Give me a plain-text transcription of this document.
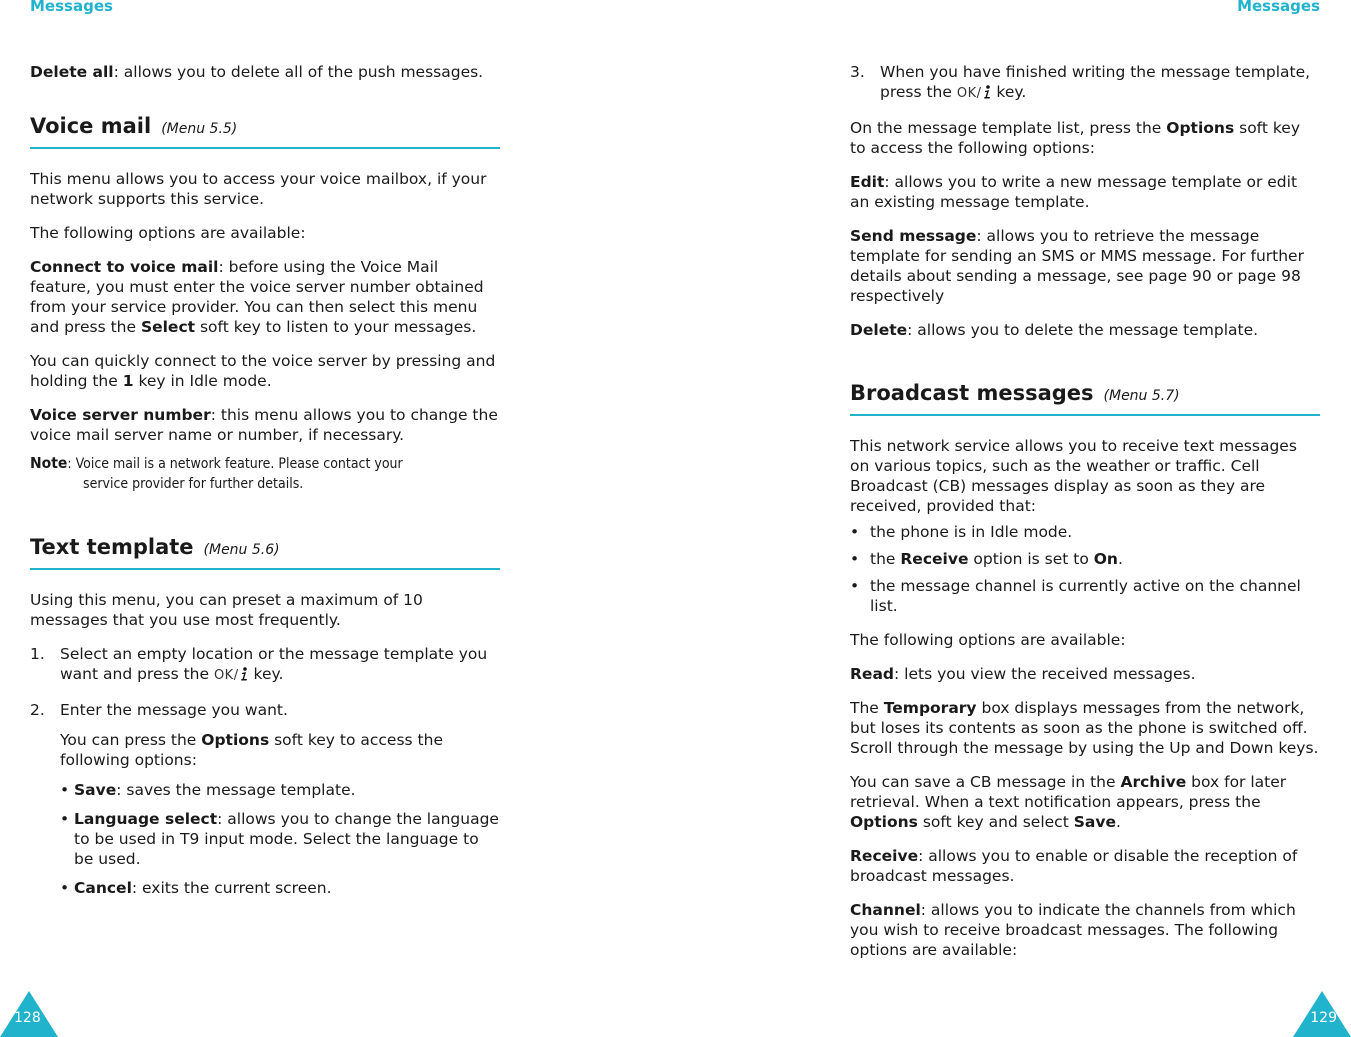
Messages	Messages

Delete all: allows you to delete all of the push messages.

Voice mail (Menu 5.5)

This menu allows you to access your voice mailbox, if your network supports this service.

The following options are available:

Connect to voice mail: before using the Voice Mail feature, you must enter the voice server number obtained from your service provider. You can then select this menu and press the Select soft key to listen to your messages.

You can quickly connect to the voice server by pressing and holding the 1 key in Idle mode.

Voice server number: this menu allows you to change the voice mail server name or number, if necessary.

Note: Voice mail is a network feature. Please contact your
service provider for further details.
Text template (Menu 5.6)

Using this menu, you can preset a maximum of 10 messages that you use most frequently.

1. Select an empty location or the message template you want and press the OK/ key.
2. Enter the message you want.

You can press the Options soft key to access the following options:

• Save: saves the message template.
• Language select: allows you to change the language to be used in T9 input mode. Select the language to be used.
• Cancel: exits the current screen.
3. When you have finished writing the message template, press the OK/ key.

On the message template list, press the Options soft key to access the following options:

Edit: allows you to write a new message template or edit an existing message template.

Send message: allows you to retrieve the message template for sending an SMS or MMS message. For further details about sending a message, see page 90 or page 98 respectively

Delete: allows you to delete the message template.

Broadcast messages (Menu 5.7)

This network service allows you to receive text messages on various topics, such as the weather or traffic. Cell Broadcast (CB) messages display as soon as they are received, provided that:

• the phone is in Idle mode.
• the Receive option is set to On.
• the message channel is currently active on the channel list.

The following options are available:

Read: lets you view the received messages.

The Temporary box displays messages from the network, but loses its contents as soon as the phone is switched off. Scroll through the message by using the Up and Down keys.

You can save a CB message in the Archive box for later retrieval. When a text notification appears, press the Options soft key and select Save.

Receive: allows you to enable or disable the reception of broadcast messages.

Channel: allows you to indicate the channels from which you wish to receive broadcast messages. The following options are available:

128	129
